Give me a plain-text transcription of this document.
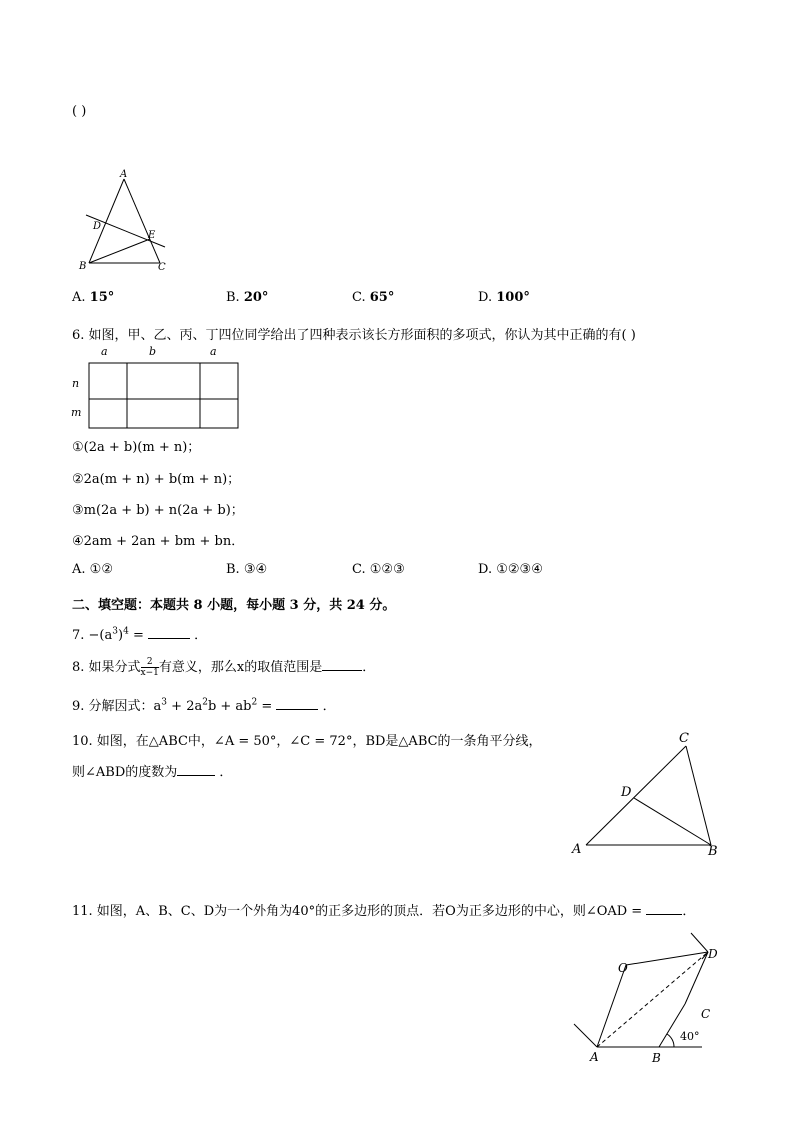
( )
A
D
E
B	C
A. 15°	B. 20°	C. 65°	D. 100°
6. 如图，甲、乙、丙、丁四位同学给出了四种表示该长方形面积的多项式，你认为其中正确的有( )
a	b	a
n
m
①(2a + b)(m + n)；
②2a(m + n) + b(m + n)；
③m(2a + b) + n(2a + b)；
④2am + 2an + bm + bn．
A. ①②	B. ③④	C. ①②③	D. ①②③④
二、填空题：本题共 8 小题，每小题 3 分，共 24 分。
7. $-(a^3)^4$ =	．
8. 如果分式 $\frac{2}{x-1}$ 有意义，那么x的取值范围是	．
9. 分解因式：$a^3 + 2a^2b + ab^2$ =	．
10. 如图，在△ABC中，∠A = 50°，∠C = 72°，BD是△ABC的一条角平分线，
则∠ABD的度数为	．
C
D
A	B
11. 如图，A、B、C、D为一个外角为40°的正多边形的顶点．若O为正多边形的中心，则∠OAD =	．
O
D
C
A	B
40°
